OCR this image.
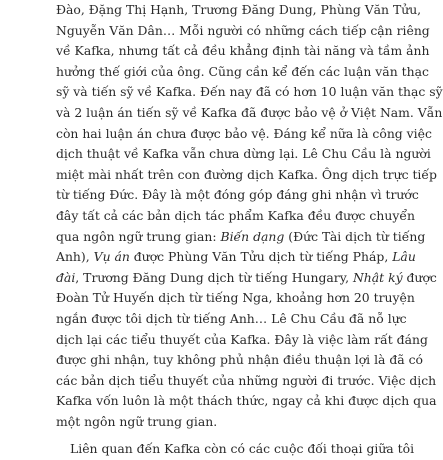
Đào, Đặng Thị Hạnh, Trương Đăng Dung, Phùng Văn Tửu,
Nguyễn Văn Dân… Mỗi người có những cách tiếp cận riêng
về Kafka, nhưng tất cả đều khẳng định tài năng và tầm ảnh
hưởng thế giới của ông. Cũng cần kể đến các luận văn thạc
sỹ và tiến sỹ về Kafka. Đến nay đã có hơn 10 luận văn thạc sỹ
và 2 luận án tiến sỹ về Kafka đã được bảo vệ ở Việt Nam. Vẫn
còn hai luận án chưa được bảo vệ. Đáng kể nữa là công việc
dịch thuật về Kafka vẫn chưa dừng lại. Lê Chu Cầu là người
miệt mài nhất trên con đường dịch Kafka. Ông dịch trực tiếp
từ tiếng Đức. Đây là một đóng góp đáng ghi nhận vì trước
đây tất cả các bản dịch tác phẩm Kafka đều được chuyển
qua ngôn ngữ trung gian: Biến dạng (Đức Tài dịch từ tiếng
Anh), Vụ án được Phùng Văn Tửu dịch từ tiếng Pháp, Lâu
đài, Trương Đăng Dung dịch từ tiếng Hungary, Nhật ký được
Đoàn Tử Huyến dịch từ tiếng Nga, khoảng hơn 20 truyện
ngắn được tôi dịch từ tiếng Anh… Lê Chu Cầu đã nỗ lực
dịch lại các tiểu thuyết của Kafka. Đây là việc làm rất đáng
được ghi nhận, tuy không phủ nhận điều thuận lợi là đã có
các bản dịch tiểu thuyết của những người đi trước. Việc dịch
Kafka vốn luôn là một thách thức, ngay cả khi được dịch qua
một ngôn ngữ trung gian.
Liên quan đến Kafka còn có các cuộc đối thoại giữa tôi
